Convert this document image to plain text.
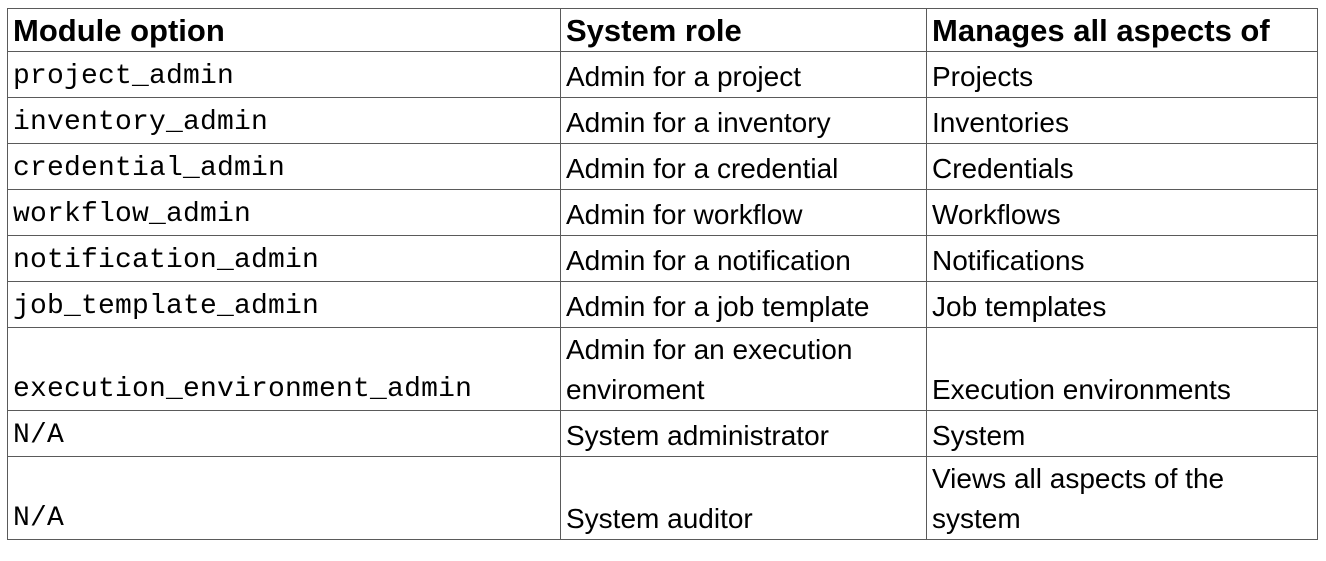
Module option	System role	Manages all aspects of
project_admin	Admin for a project	Projects
inventory_admin	Admin for a inventory	Inventories
credential_admin	Admin for a credential	Credentials
workflow_admin	Admin for workflow	Workflows
notification_admin	Admin for a notification	Notifications
job_template_admin	Admin for a job template	Job templates
execution_environment_admin	Admin for an execution enviroment	Execution environments
N/A	System administrator	System
N/A	System auditor	Views all aspects of the system
